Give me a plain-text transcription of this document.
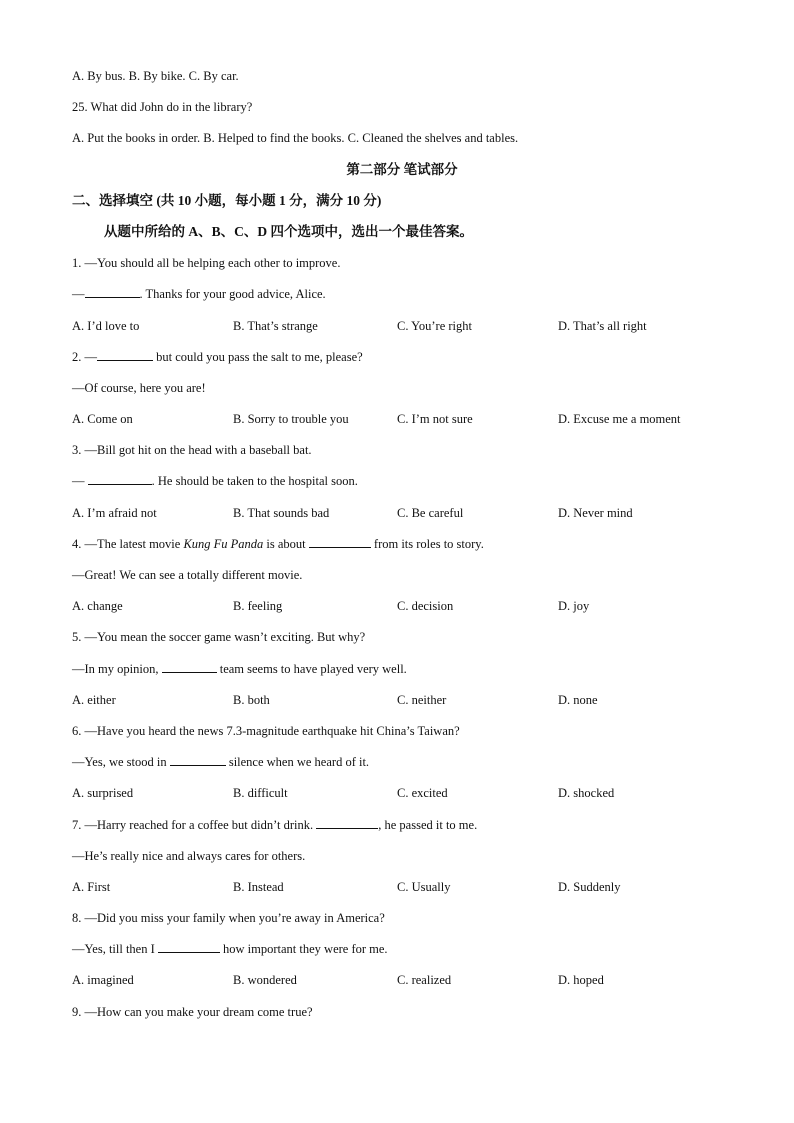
A. By bus. B. By bike. C. By car.
25. What did John do in the library?
A. Put the books in order. B. Helped to find the books. C. Cleaned the shelves and tables.
第二部分 笔试部分
二、选择填空 (共 10 小题，每小题 1 分，满分 10 分)
从题中所给的 A、B、C、D 四个选项中，选出一个最佳答案。
1. —You should all be helping each other to improve.
—	. Thanks for your good advice, Alice.
A. I’d love to	B. That’s strange	C. You’re right	D. That’s all right
2. —	but could you pass the salt to me, please?
—Of course, here you are!
A. Come on	B. Sorry to trouble you	C. I’m not sure	D. Excuse me a moment
3. —Bill got hit on the head with a baseball bat.
—	. He should be taken to the hospital soon.
A. I’m afraid not	B. That sounds bad	C. Be careful	D. Never mind
4. —The latest movie Kung Fu Panda is about	from its roles to story.
—Great! We can see a totally different movie.
A. change	B. feeling	C. decision	D. joy
5. —You mean the soccer game wasn’t exciting. But why?
—In my opinion,	team seems to have played very well.
A. either	B. both	C. neither	D. none
6. —Have you heard the news 7.3-magnitude earthquake hit China’s Taiwan?
—Yes, we stood in	silence when we heard of it.
A. surprised	B. difficult	C. excited	D. shocked
7. —Harry reached for a coffee but didn’t drink.	, he passed it to me.
—He’s really nice and always cares for others.
A. First	B. Instead	C. Usually	D. Suddenly
8. —Did you miss your family when you’re away in America?
—Yes, till then I	how important they were for me.
A. imagined	B. wondered	C. realized	D. hoped
9. —How can you make your dream come true?
